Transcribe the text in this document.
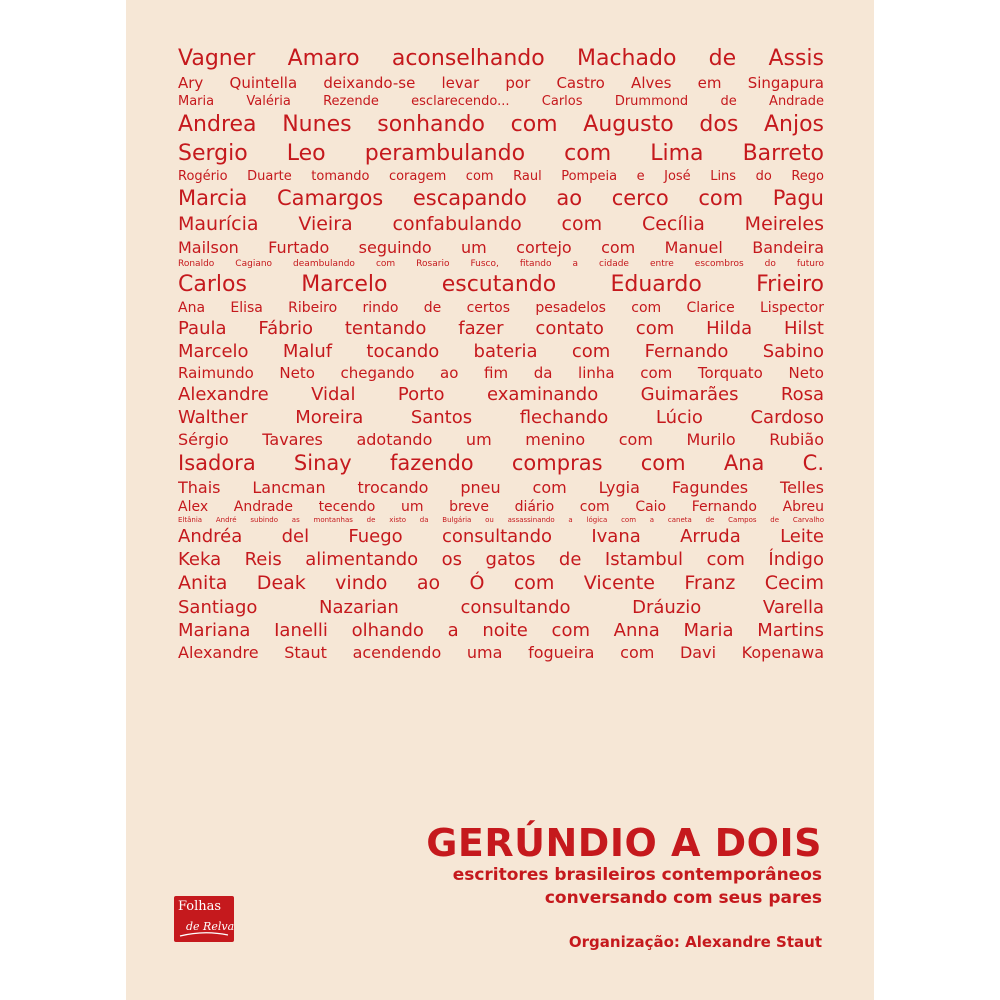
Vagner Amaro aconselhando Machado de Assis
Ary Quintella deixando-se levar por Castro Alves em Singapura
Maria Valéria Rezende esclarecendo... Carlos Drummond de Andrade
Andrea Nunes sonhando com Augusto dos Anjos
Sergio Leo perambulando com Lima Barreto
Rogério Duarte tomando coragem com Raul Pompeia e José Lins do Rego
Marcia Camargos escapando ao cerco com Pagu
Maurícia Vieira confabulando com Cecília Meireles
Mailson Furtado seguindo um cortejo com Manuel Bandeira
Ronaldo Cagiano deambulando com Rosario Fusco, fitando a cidade entre escombros do futuro
Carlos Marcelo escutando Eduardo Frieiro
Ana Elisa Ribeiro rindo de certos pesadelos com Clarice Lispector
Paula Fábrio tentando fazer contato com Hilda Hilst
Marcelo Maluf tocando bateria com Fernando Sabino
Raimundo Neto chegando ao fim da linha com Torquato Neto
Alexandre Vidal Porto examinando Guimarães Rosa
Walther Moreira Santos flechando Lúcio Cardoso
Sérgio Tavares adotando um menino com Murilo Rubião
Isadora Sinay fazendo compras com Ana C.
Thais Lancman trocando pneu com Lygia Fagundes Telles
Alex Andrade tecendo um breve diário com Caio Fernando Abreu
Eltânia André subindo as montanhas de xisto da Bulgária ou assassinando a lógica com a caneta de Campos de Carvalho
Andréa del Fuego consultando Ivana Arruda Leite
Keka Reis alimentando os gatos de Istambul com Índigo
Anita Deak vindo ao Ó com Vicente Franz Cecim
Santiago Nazarian consultando Dráuzio Varella
Mariana Ianelli olhando a noite com Anna Maria Martins
Alexandre Staut acendendo uma fogueira com Davi Kopenawa
GERÚNDIO A DOIS

escritores brasileiros contemporâneos
conversando com seus pares

Organização: Alexandre Staut

Folhas
de Relva
